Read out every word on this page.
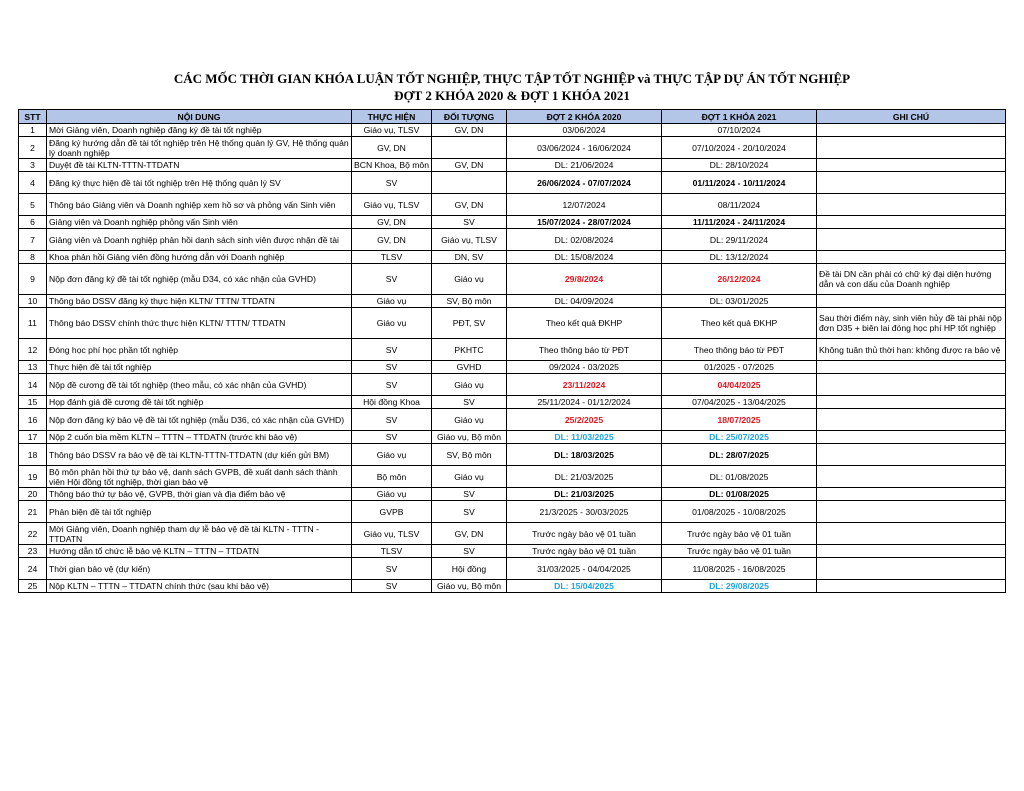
CÁC MỐC THỜI GIAN KHÓA LUẬN TỐT NGHIỆP, THỰC TẬP TỐT NGHIỆP và THỰC TẬP DỰ ÁN TỐT NGHIỆP
ĐỢT 2 KHÓA 2020 & ĐỢT 1 KHÓA 2021
STT	NỘI DUNG	THỰC HIỆN	ĐỐI TƯỢNG	ĐỢT 2 KHÓA 2020	ĐỢT 1 KHÓA 2021	GHI CHÚ
1	Mời Giảng viên, Doanh nghiệp đăng ký đề tài tốt nghiệp	Giáo vụ, TLSV	GV, DN	03/06/2024	07/10/2024	
2	Đăng ký hướng dẫn đề tài tốt nghiệp trên Hệ thống quản lý GV, Hệ thống quản lý doanh nghiệp	GV, DN		03/06/2024 - 16/06/2024	07/10/2024 - 20/10/2024	
3	Duyệt đề tài KLTN-TTTN-TTDATN	BCN Khoa, Bộ môn	GV, DN	DL: 21/06/2024	DL: 28/10/2024	
4	Đăng ký thực hiện đề tài tốt nghiệp trên Hệ thống quản lý SV	SV		26/06/2024 - 07/07/2024	01/11/2024 - 10/11/2024	
5	Thông báo Giảng viên và Doanh nghiệp xem hồ sơ và phỏng vấn Sinh viên	Giáo vụ, TLSV	GV, DN	12/07/2024	08/11/2024	
6	Giảng viên và Doanh nghiệp phỏng vấn Sinh viên	GV, DN	SV	15/07/2024 - 28/07/2024	11/11/2024 - 24/11/2024	
7	Giảng viên và Doanh nghiệp phản hồi danh sách sinh viên được nhận đề tài	GV, DN	Giáo vụ, TLSV	DL: 02/08/2024	DL: 29/11/2024	
8	Khoa phản hồi Giảng viên đồng hướng dẫn với Doanh nghiệp	TLSV	DN, SV	DL: 15/08/2024	DL: 13/12/2024	
9	Nộp đơn đăng ký đề tài tốt nghiệp (mẫu D34, có xác nhận của GVHD)	SV	Giáo vụ	29/8/2024	26/12/2024	Đề tài DN cần phải có chữ ký đại diện hướng dẫn và con dấu của Doanh nghiệp
10	Thông báo DSSV đăng ký thực hiện KLTN/ TTTN/ TTDATN	Giáo vụ	SV, Bộ môn	DL: 04/09/2024	DL: 03/01/2025	
11	Thông báo DSSV chính thức thực hiện KLTN/ TTTN/ TTDATN	Giáo vụ	PĐT, SV	Theo kết quả ĐKHP	Theo kết quả ĐKHP	Sau thời điểm này, sinh viên hủy đề tài phải nộp đơn D35 + biên lai đóng học phí HP tốt nghiệp
12	Đóng học phí học phần tốt nghiệp	SV	PKHTC	Theo thông báo từ PĐT	Theo thông báo từ PĐT	Không tuân thủ thời hạn: không được ra bảo vệ
13	Thực hiện đề tài tốt nghiệp	SV	GVHD	09/2024 - 03/2025	01/2025 - 07/2025	
14	Nộp đề cương đề tài tốt nghiệp (theo mẫu, có xác nhận của GVHD)	SV	Giáo vụ	23/11/2024	04/04/2025	
15	Họp đánh giá đề cương đề tài tốt nghiệp	Hội đồng Khoa	SV	25/11/2024 - 01/12/2024	07/04/2025 - 13/04/2025	
16	Nộp đơn đăng ký bảo vệ đề tài tốt nghiệp (mẫu D36, có xác nhận của GVHD)	SV	Giáo vụ	25/2/2025	18/07/2025	
17	Nộp 2 cuốn bìa mềm KLTN – TTTN – TTDATN (trước khi bảo vệ)	SV	Giáo vụ, Bộ môn	DL: 11/03/2025	DL: 25/07/2025	
18	Thông báo DSSV ra bảo vệ đề tài KLTN-TTTN-TTDATN (dự kiến gửi BM)	Giáo vụ	SV, Bộ môn	DL: 18/03/2025	DL: 28/07/2025	
19	Bộ môn phản hồi thứ tự bảo vệ, danh sách GVPB, đề xuất danh sách thành viên Hội đồng tốt nghiệp, thời gian bảo vệ	Bộ môn	Giáo vụ	DL: 21/03/2025	DL: 01/08/2025	
20	Thông báo thứ tự bảo vệ, GVPB, thời gian và địa điểm bảo vệ	Giáo vụ	SV	DL: 21/03/2025	DL: 01/08/2025	
21	Phản biện đề tài tốt nghiệp	GVPB	SV	21/3/2025 - 30/03/2025	01/08/2025 - 10/08/2025	
22	Mời Giảng viên, Doanh nghiệp tham dự lễ bảo vệ đề tài KLTN - TTTN - TTDATN	Giáo vụ, TLSV	GV, DN	Trước ngày bảo vệ 01 tuần	Trước ngày bảo vệ 01 tuần	
23	Hướng dẫn tổ chức lễ bảo vệ KLTN – TTTN – TTDATN	TLSV	SV	Trước ngày bảo vệ 01 tuần	Trước ngày bảo vệ 01 tuần	
24	Thời gian bảo vệ (dự kiến)	SV	Hội đồng	31/03/2025 - 04/04/2025	11/08/2025 - 16/08/2025	
25	Nộp KLTN – TTTN – TTDATN chính thức (sau khi bảo vệ)	SV	Giáo vụ, Bộ môn	DL: 15/04/2025	DL: 29/08/2025	
